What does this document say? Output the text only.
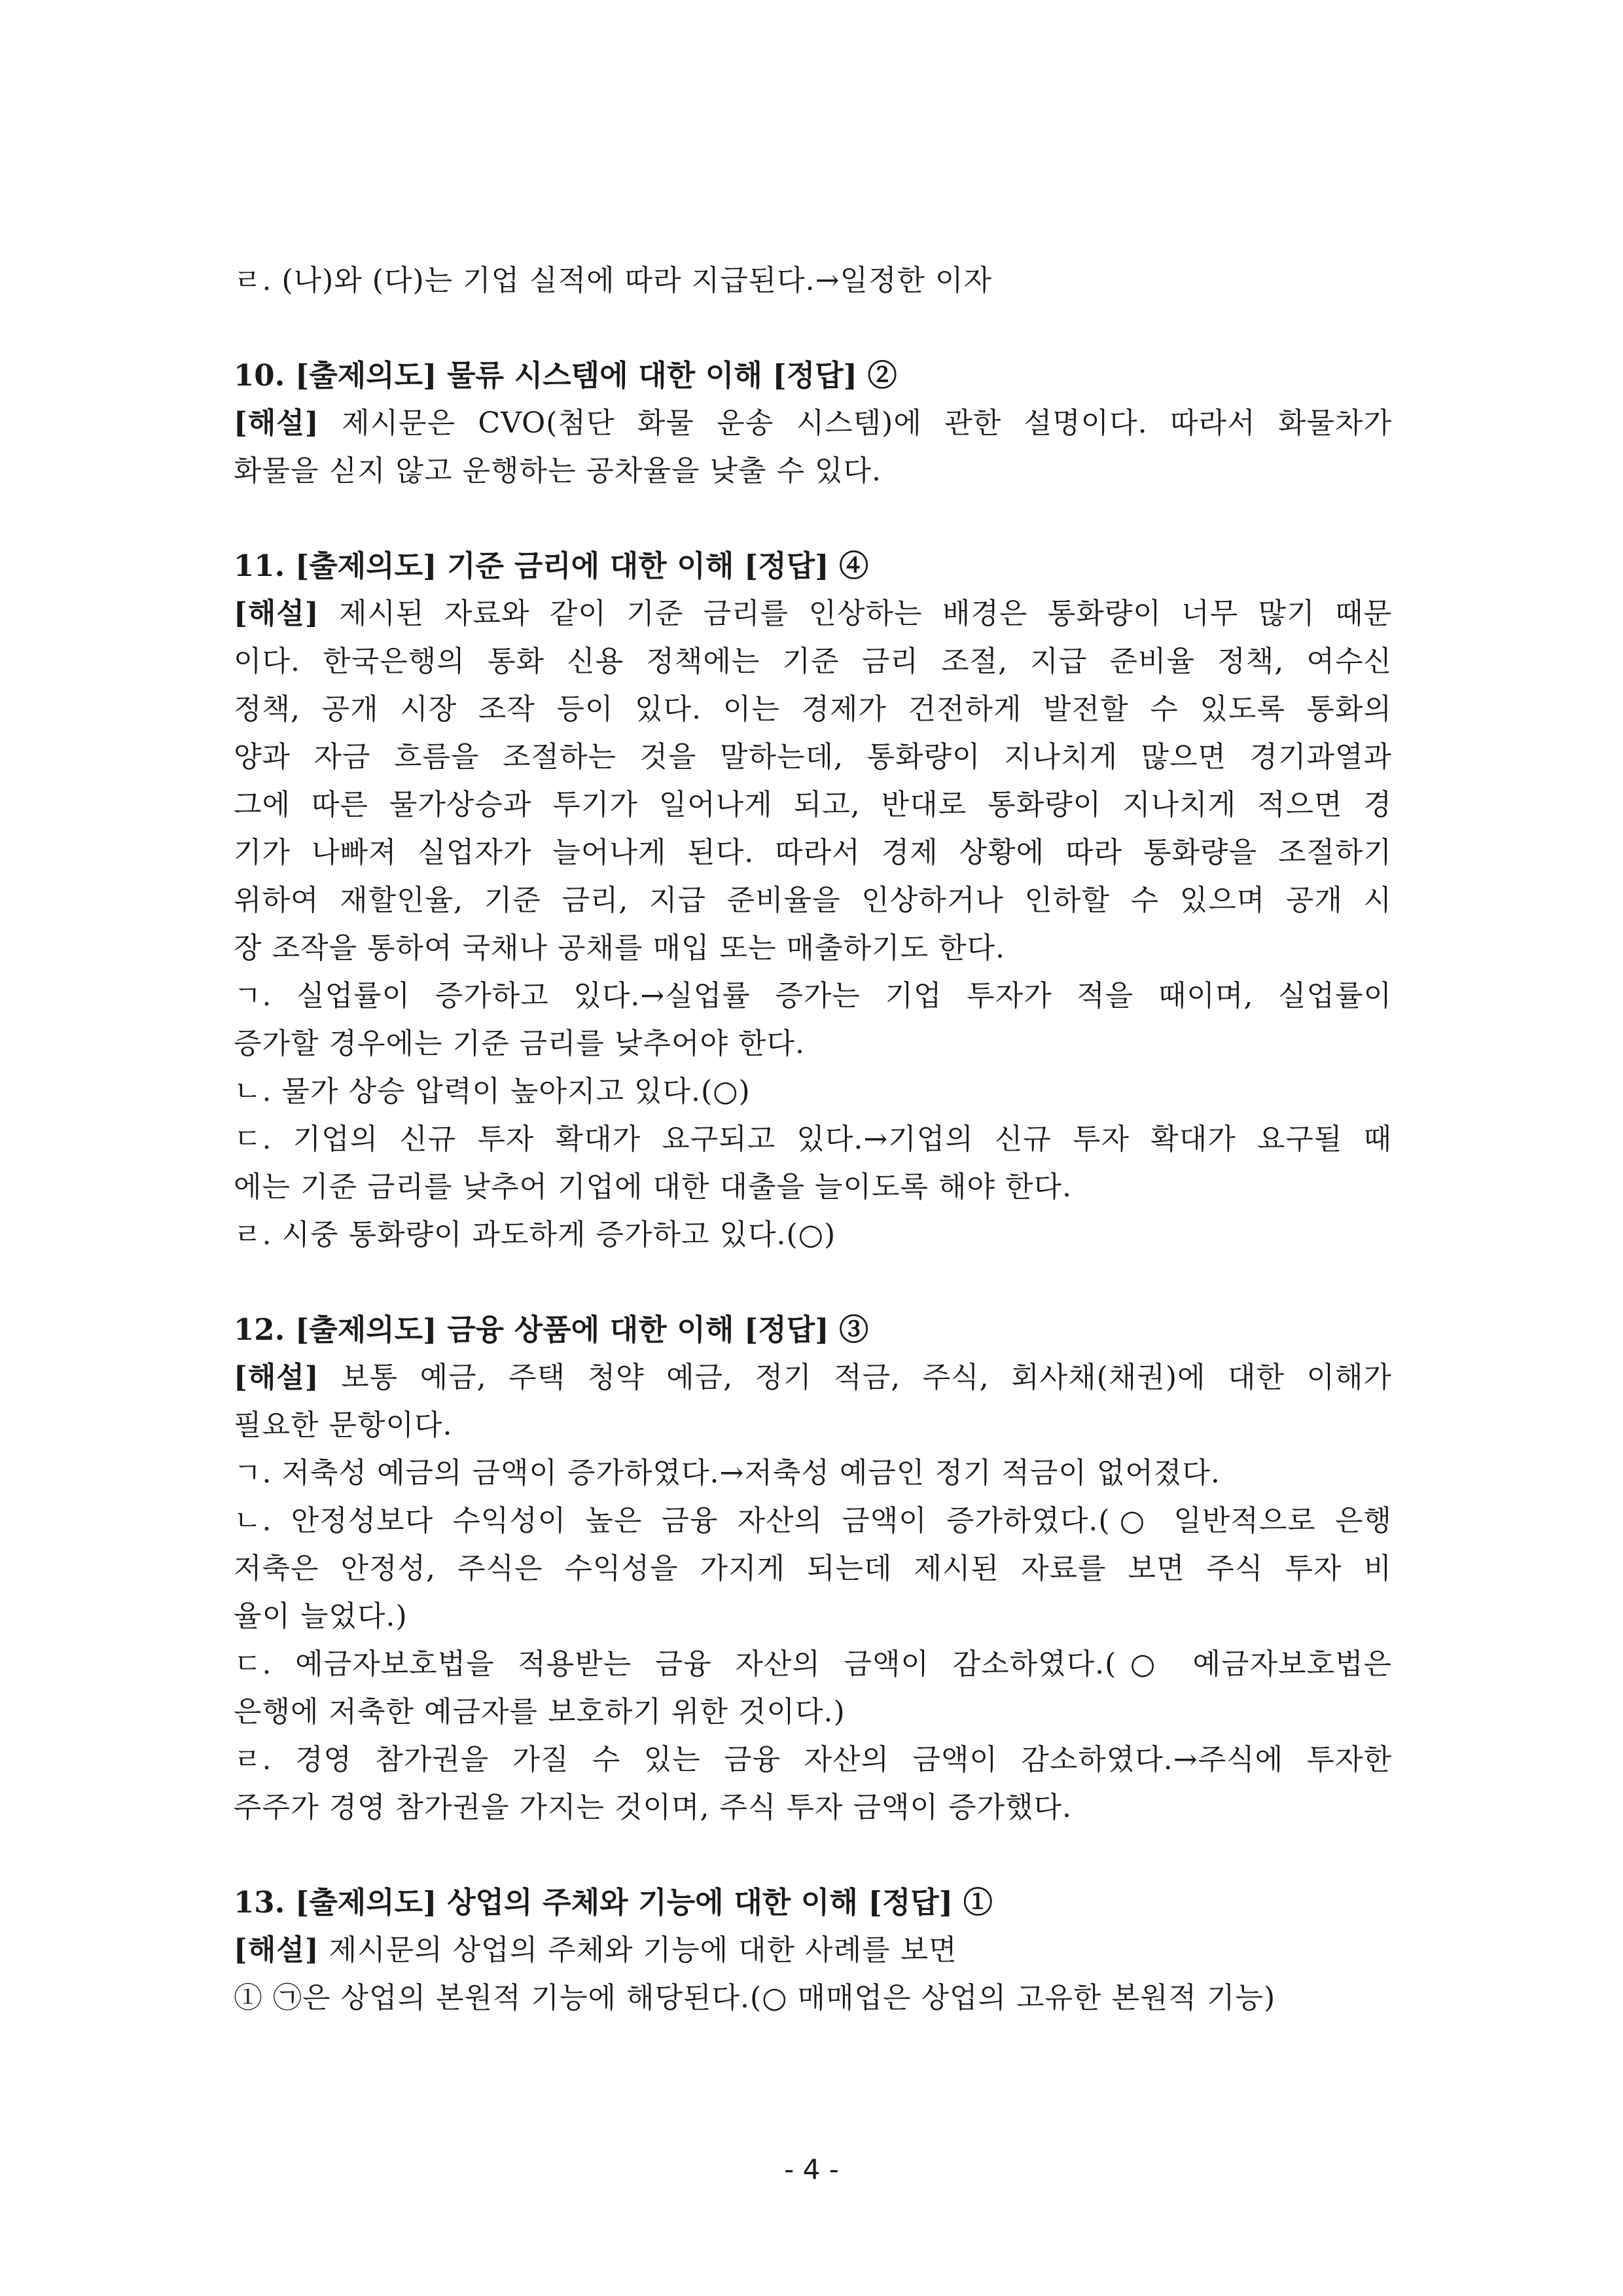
ㄹ. (나)와 (다)는 기업 실적에 따라 지급된다.→일정한 이자
10. [출제의도] 물류 시스템에 대한 이해 [정답] ②
[해설] 제시문은 CVO(첨단 화물 운송 시스템)에 관한 설명이다. 따라서 화물차가
화물을 싣지 않고 운행하는 공차율을 낮출 수 있다.
11. [출제의도] 기준 금리에 대한 이해 [정답] ④
[해설] 제시된 자료와 같이 기준 금리를 인상하는 배경은 통화량이 너무 많기 때문
이다. 한국은행의 통화 신용 정책에는 기준 금리 조절, 지급 준비율 정책, 여수신
정책, 공개 시장 조작 등이 있다. 이는 경제가 건전하게 발전할 수 있도록 통화의
양과 자금 흐름을 조절하는 것을 말하는데, 통화량이 지나치게 많으면 경기과열과
그에 따른 물가상승과 투기가 일어나게 되고, 반대로 통화량이 지나치게 적으면 경
기가 나빠져 실업자가 늘어나게 된다. 따라서 경제 상황에 따라 통화량을 조절하기
위하여 재할인율, 기준 금리, 지급 준비율을 인상하거나 인하할 수 있으며 공개 시
장 조작을 통하여 국채나 공채를 매입 또는 매출하기도 한다.
ㄱ. 실업률이 증가하고 있다.→실업률 증가는 기업 투자가 적을 때이며, 실업률이
증가할 경우에는 기준 금리를 낮추어야 한다.
ㄴ. 물가 상승 압력이 높아지고 있다.(○)
ㄷ. 기업의 신규 투자 확대가 요구되고 있다.→기업의 신규 투자 확대가 요구될 때
에는 기준 금리를 낮추어 기업에 대한 대출을 늘이도록 해야 한다.
ㄹ. 시중 통화량이 과도하게 증가하고 있다.(○)
12. [출제의도] 금융 상품에 대한 이해 [정답] ③
[해설] 보통 예금, 주택 청약 예금, 정기 적금, 주식, 회사채(채권)에 대한 이해가
필요한 문항이다.
ㄱ. 저축성 예금의 금액이 증가하였다.→저축성 예금인 정기 적금이 없어졌다.
ㄴ. 안정성보다 수익성이 높은 금융 자산의 금액이 증가하였다.(○ 일반적으로 은행
저축은 안정성, 주식은 수익성을 가지게 되는데 제시된 자료를 보면 주식 투자 비
율이 늘었다.)
ㄷ. 예금자보호법을 적용받는 금융 자산의 금액이 감소하였다.(○ 예금자보호법은
은행에 저축한 예금자를 보호하기 위한 것이다.)
ㄹ. 경영 참가권을 가질 수 있는 금융 자산의 금액이 감소하였다.→주식에 투자한
주주가 경영 참가권을 가지는 것이며, 주식 투자 금액이 증가했다.
13. [출제의도] 상업의 주체와 기능에 대한 이해 [정답] ①
[해설] 제시문의 상업의 주체와 기능에 대한 사례를 보면
① ㉠은 상업의 본원적 기능에 해당된다.(○ 매매업은 상업의 고유한 본원적 기능)
- 4 -
